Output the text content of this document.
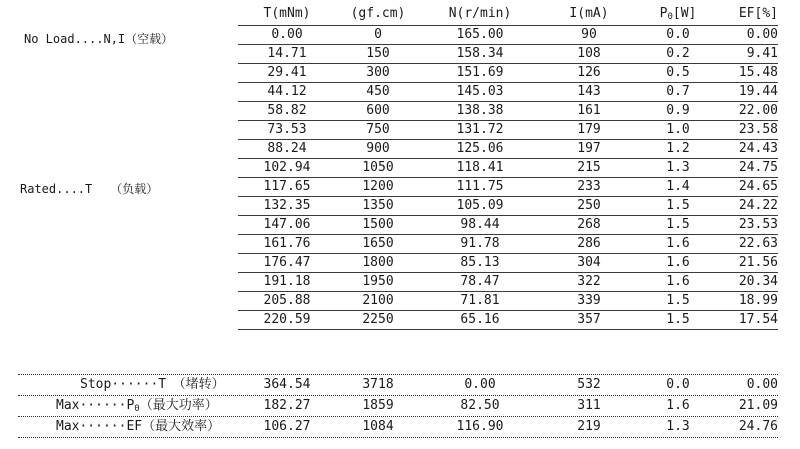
T(mNm)	(gf.cm)	N(r/min)	I(mA)	$P_0[W]$	EF[%]
No Load....N,I（空载）
Rated....T　　（负载）
0.00	0	165.00	90	0.0	0.00
14.71	150	158.34	108	0.2	9.41
29.41	300	151.69	126	0.5	15.48
44.12	450	145.03	143	0.7	19.44
58.82	600	138.38	161	0.9	22.00
73.53	750	131.72	179	1.0	23.58
88.24	900	125.06	197	1.2	24.43
102.94	1050	118.41	215	1.3	24.75
117.65	1200	111.75	233	1.4	24.65
132.35	1350	105.09	250	1.5	24.22
147.06	1500	98.44	268	1.5	23.53
161.76	1650	91.78	286	1.6	22.63
176.47	1800	85.13	304	1.6	21.56
191.18	1950	78.47	322	1.6	20.34
205.88	2100	71.81	339	1.5	18.99
220.59	2250	65.16	357	1.5	17.54
Stop······T　（堵转）	364.54	3718	0.00	532	0.0	0.00
$Max\cdot\cdot\cdot\cdot\cdot\cdot P_0$（最大功率）	182.27	1859	82.50	311	1.6	21.09
Max······EF（最大效率）	106.27	1084	116.90	219	1.3	24.76
